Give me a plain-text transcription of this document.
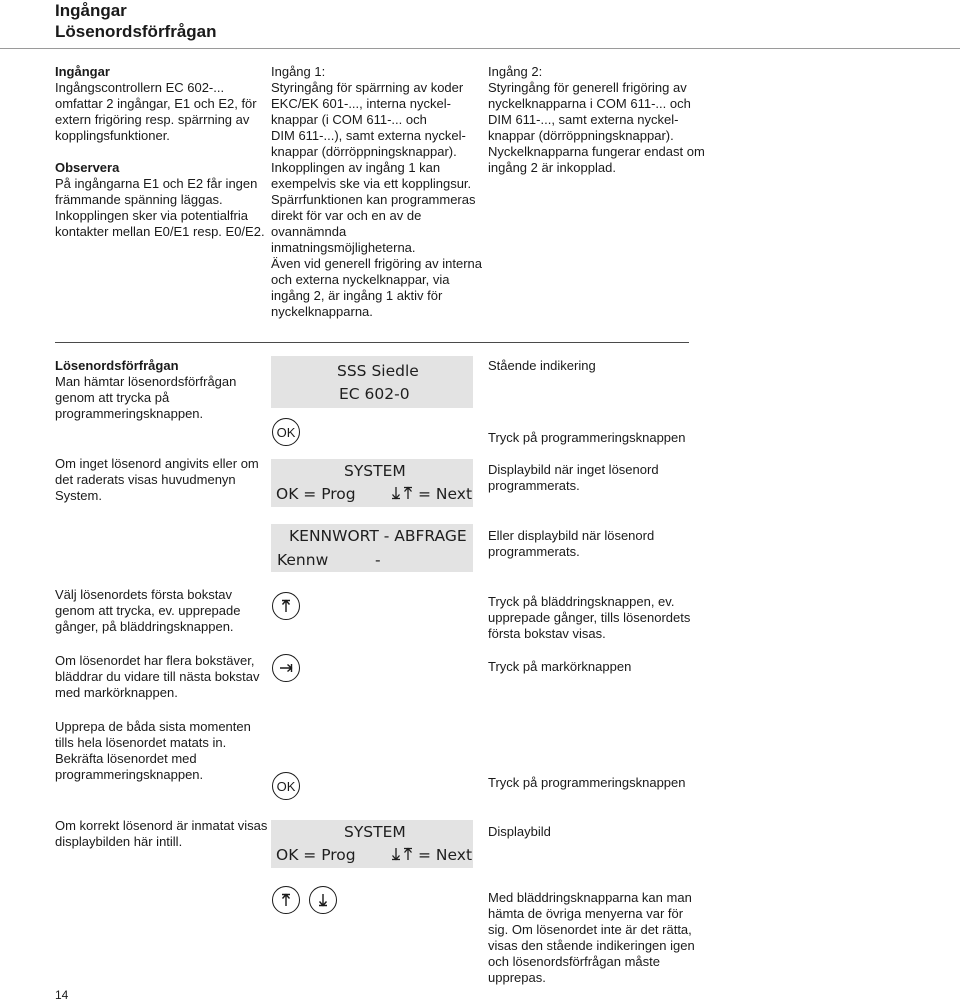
Ingångar
Lösenordsförfrågan
Ingångar
Ingångscontrollern EC 602-...
omfattar 2 ingångar, E1 och E2, för
extern frigöring resp. spärrning av
kopplingsfunktioner.
Observera
På ingångarna E1 och E2 får ingen
främmande spänning läggas.
Inkopplingen sker via potentialfria
kontakter mellan E0/E1 resp. E0/E2.
Ingång 1:
Styringång för spärrning av koder
EKC/EK 601-..., interna nyckel-
knappar (i COM 611-... och
DIM 611-...), samt externa nyckel-
knappar (dörröppningsknappar).
Inkopplingen av ingång 1 kan
exempelvis ske via ett kopplingsur.
Spärrfunktionen kan programmeras
direkt för var och en av de
ovannämnda
inmatningsmöjligheterna.
Även vid generell frigöring av interna
och externa nyckelknappar, via
ingång 2, är ingång 1 aktiv för
nyckelknapparna.
Ingång 2:
Styringång för generell frigöring av
nyckelknapparna i COM 611-... och
DIM 611-..., samt externa nyckel-
knappar (dörröppningsknappar).
Nyckelknapparna fungerar endast om
ingång 2 är inkopplad.
Lösenordsförfrågan
Man hämtar lösenordsförfrågan
genom att trycka på
programmeringsknappen.
Om inget lösenord angivits eller om
det raderats visas huvudmenyn
System.
Välj lösenordets första bokstav
genom att trycka, ev. upprepade
gånger, på bläddringsknappen.
Om lösenordet har flera bokstäver,
bläddrar du vidare till nästa bokstav
med markörknappen.
Upprepa de båda sista momenten
tills hela lösenordet matats in.
Bekräfta lösenordet med
programmeringsknappen.
Om korrekt lösenord är inmatat visas
displaybilden här intill.
SSS Siedle
EC 602-0
OK
SYSTEM
OK = Prog	= Next
KENNWORT - ABFRAGE
Kennw	-
OK
SYSTEM
OK = Prog	= Next
Stående indikering
Tryck på programmeringsknappen
Displaybild när inget lösenord
programmerats.
Eller displaybild när lösenord
programmerats.
Tryck på bläddringsknappen, ev.
upprepade gånger, tills lösenordets
första bokstav visas.
Tryck på markörknappen
Tryck på programmeringsknappen
Displaybild
Med bläddringsknapparna kan man
hämta de övriga menyerna var för
sig. Om lösenordet inte är det rätta,
visas den stående indikeringen igen
och lösenordsförfrågan måste
upprepas.
14
